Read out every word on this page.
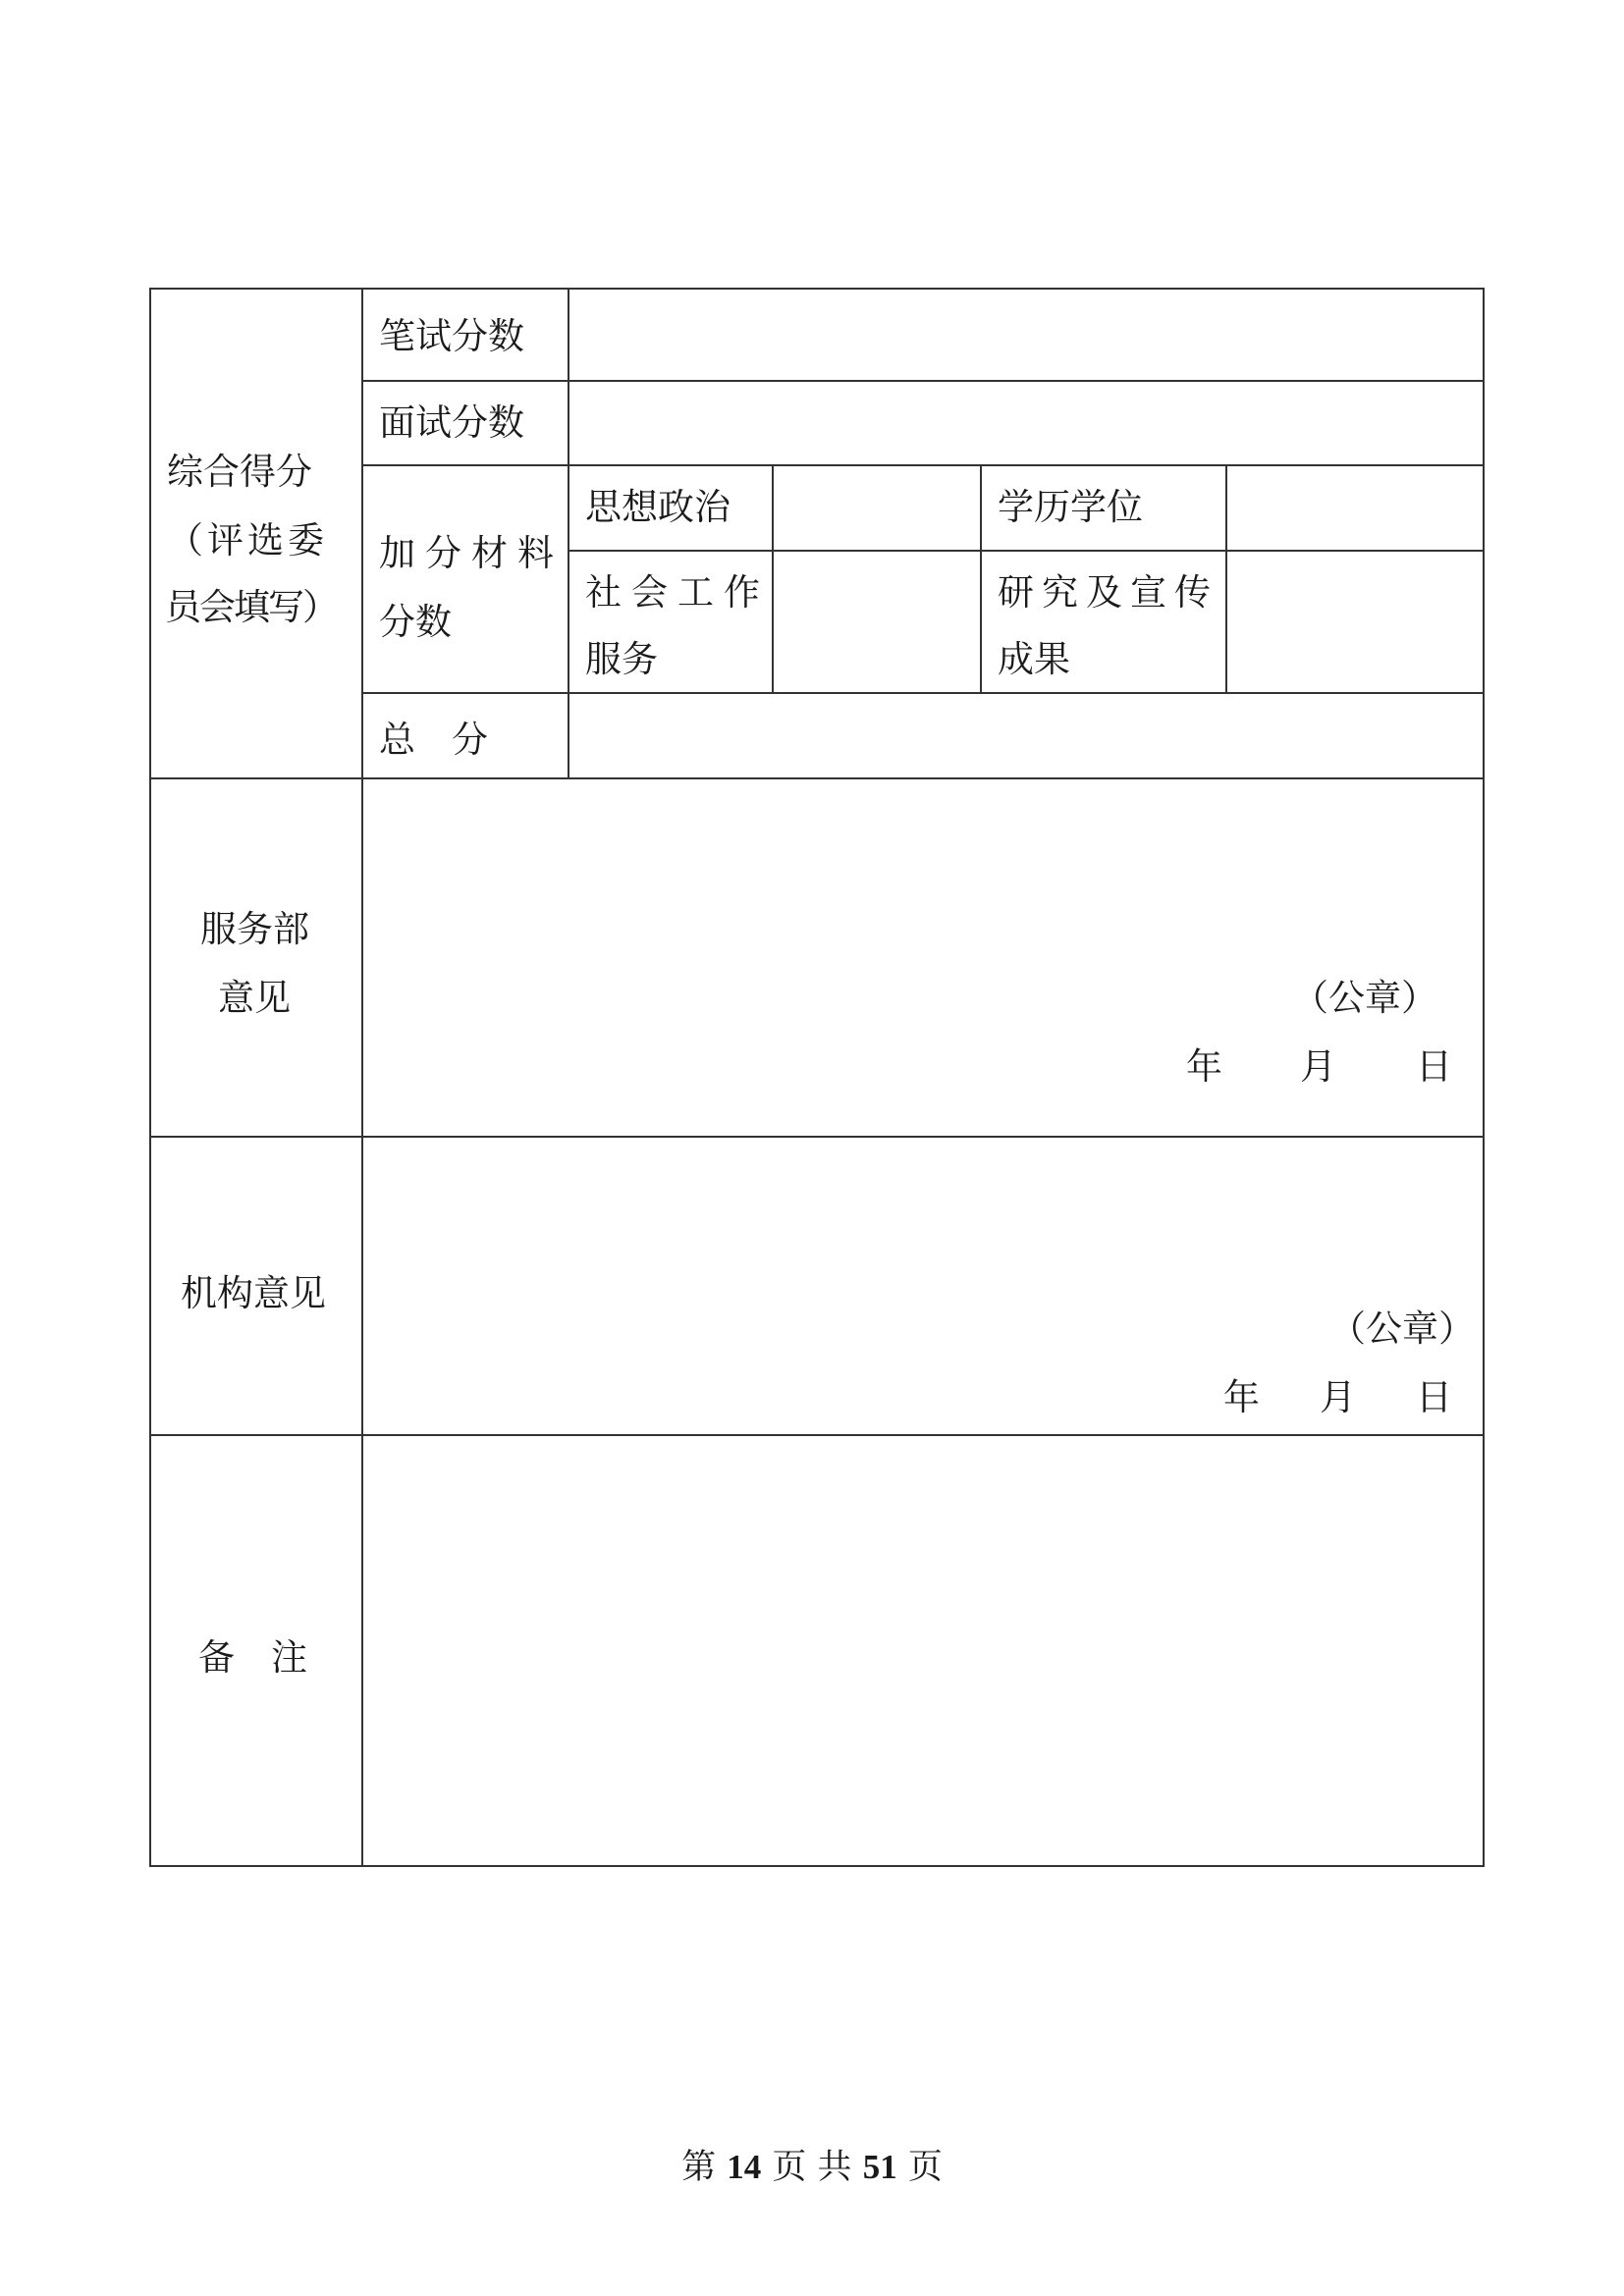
综合得分
（评选委
员会填写）
笔试分数
面试分数
加分材料
分数
思想政治	学历学位
社会工作
服务
研究及宣传
成果
总　分
服务部
意见	（公章）
年 月 日
机构意见
（公章）
年 月 日
备　注
第 14 页 共 51 页
